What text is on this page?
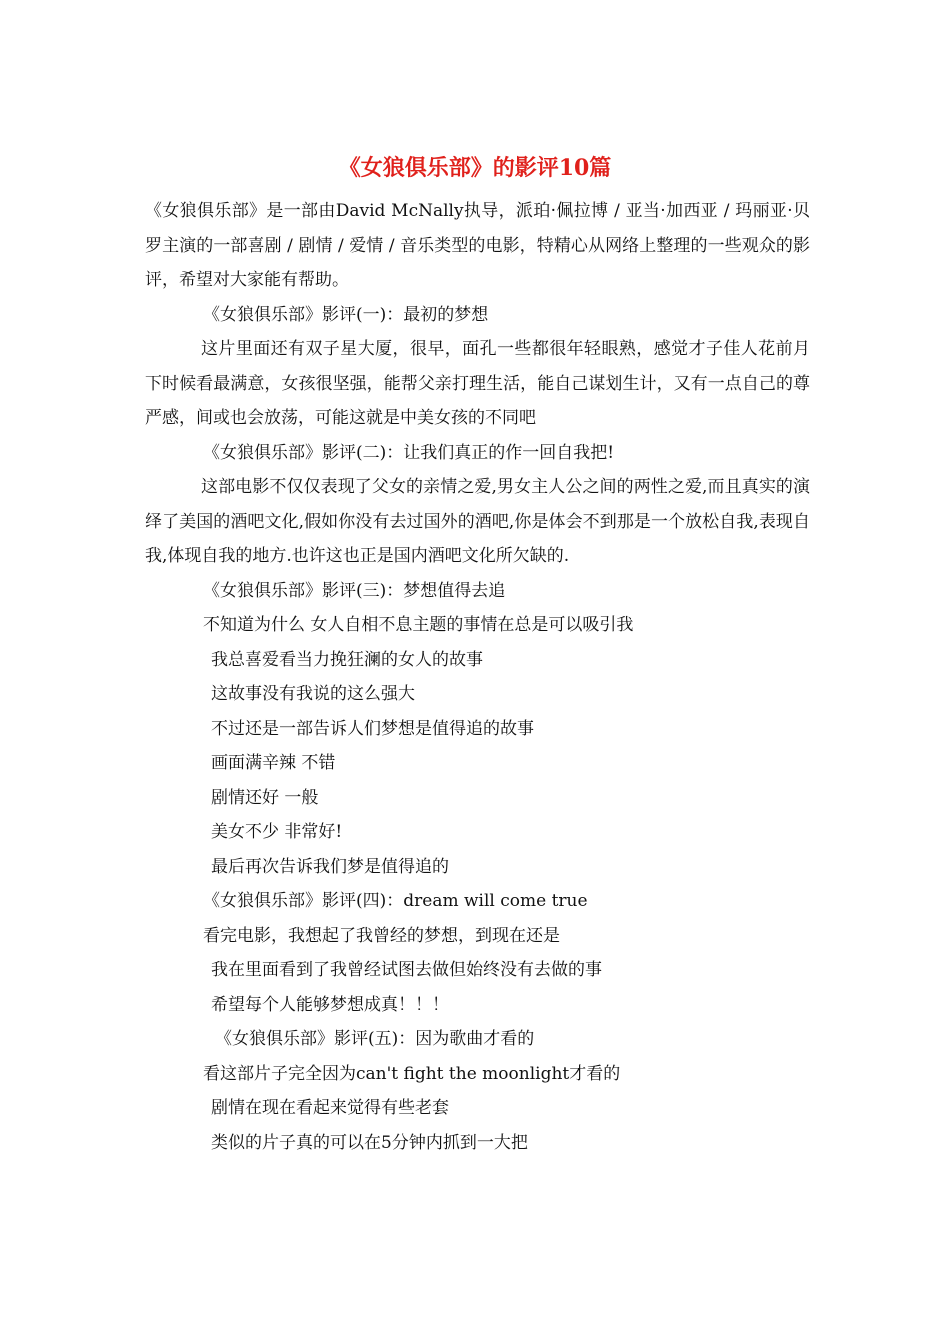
《女狼俱乐部》的影评10篇

《女狼俱乐部》是一部由David McNally执导，派珀·佩拉博 / 亚当·加西亚 / 玛丽亚·贝罗主演的一部喜剧 / 剧情 / 爱情 / 音乐类型的电影，特精心从网络上整理的一些观众的影评，希望对大家能有帮助。

《女狼俱乐部》影评(一)：最初的梦想

这片里面还有双子星大厦，很早，面孔一些都很年轻眼熟，感觉才子佳人花前月下时候看最满意，女孩很坚强，能帮父亲打理生活，能自己谋划生计，又有一点自己的尊严感，间或也会放荡，可能这就是中美女孩的不同吧

《女狼俱乐部》影评(二)：让我们真正的作一回自我把!

这部电影不仅仅表现了父女的亲情之爱,男女主人公之间的两性之爱,而且真实的演绎了美国的酒吧文化,假如你没有去过国外的酒吧,你是体会不到那是一个放松自我,表现自我,体现自我的地方.也许这也正是国内酒吧文化所欠缺的.

《女狼俱乐部》影评(三)：梦想值得去追

不知道为什么 女人自相不息主题的事情在总是可以吸引我

我总喜爱看当力挽狂澜的女人的故事

这故事没有我说的这么强大

不过还是一部告诉人们梦想是值得追的故事

画面满辛辣 不错

剧情还好 一般

美女不少 非常好!

最后再次告诉我们梦是值得追的

《女狼俱乐部》影评(四)：dream will come true

看完电影，我想起了我曾经的梦想，到现在还是

我在里面看到了我曾经试图去做但始终没有去做的事

希望每个人能够梦想成真！！！

《女狼俱乐部》影评(五)：因为歌曲才看的

看这部片子完全因为can't fight the moonlight才看的

剧情在现在看起来觉得有些老套

类似的片子真的可以在5分钟内抓到一大把
